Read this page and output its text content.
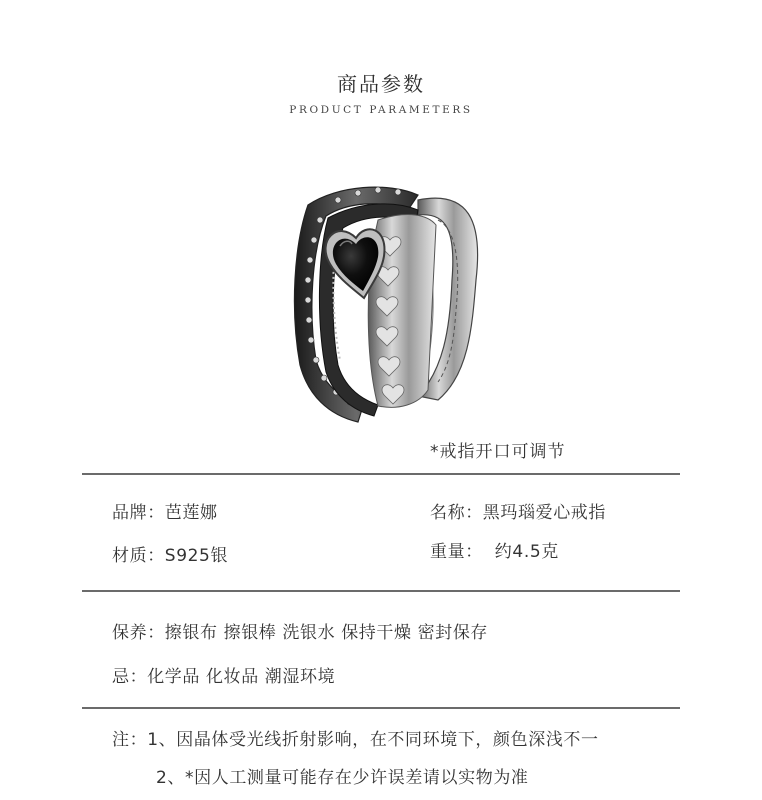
商品参数
PRODUCT PARAMETERS
*戒指开口可调节
品牌：芭莲娜	名称：黑玛瑙爱心戒指
材质：S925银	重量：  约4.5克
保养：擦银布 擦银棒 洗银水 保持干燥 密封保存
忌：化学品 化妆品 潮湿环境
注：1、因晶体受光线折射影响，在不同环境下，颜色深浅不一
2、*因人工测量可能存在少许误差请以实物为准
